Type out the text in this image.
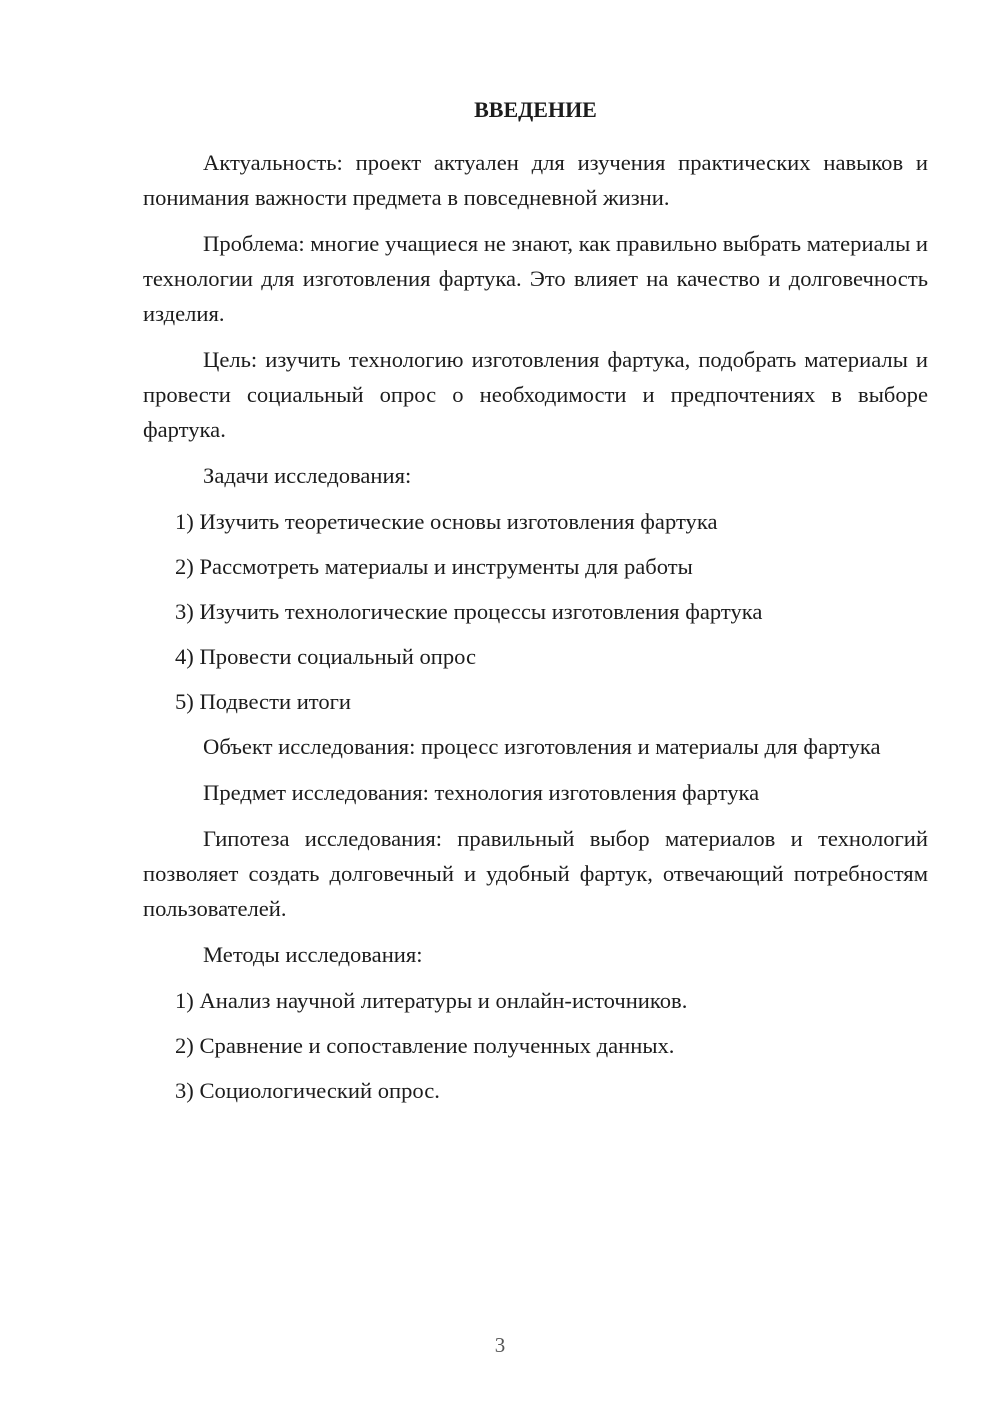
ВВЕДЕНИЕ

Актуальность: проект актуален для изучения практических навыков и понимания важности предмета в повседневной жизни.

Проблема: многие учащиеся не знают, как правильно выбрать материалы и технологии для изготовления фартука. Это влияет на качество и долговечность изделия.

Цель: изучить технологию изготовления фартука, подобрать материалы и провести социальный опрос о необходимости и предпочтениях в выборе фартука.

Задачи исследования:

1) Изучить теоретические основы изготовления фартука
2) Рассмотреть материалы и инструменты для работы
3) Изучить технологические процессы изготовления фартука
4) Провести социальный опрос
5) Подвести итоги

Объект исследования: процесс изготовления и материалы для фартука

Предмет исследования: технология изготовления фартука

Гипотеза исследования: правильный выбор материалов и технологий позволяет создать долговечный и удобный фартук, отвечающий потребностям пользователей.

Методы исследования:

1) Анализ научной литературы и онлайн-источников.
2) Сравнение и сопоставление полученных данных.
3) Социологический опрос.
3
